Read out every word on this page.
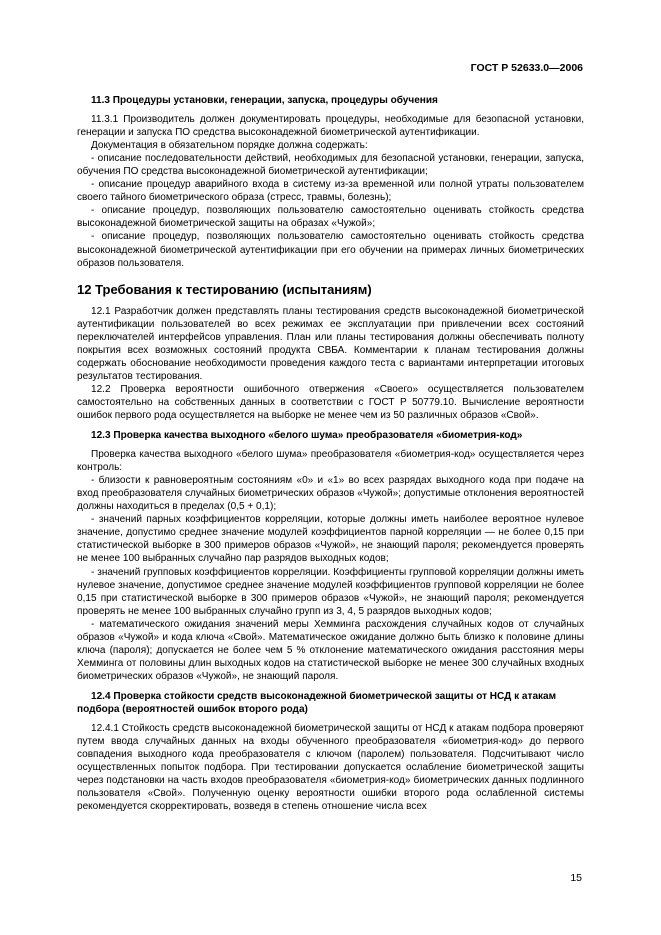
ГОСТ Р 52633.0—2006
11.3 Процедуры установки, генерации, запуска, процедуры обучения
11.3.1 Производитель должен документировать процедуры, необходимые для безопасной установки, генерации и запуска ПО средства высоконадежной биометрической аутентификации.
Документация в обязательном порядке должна содержать:
- описание последовательности действий, необходимых для безопасной установки, генерации, запуска, обучения ПО средства высоконадежной биометрической аутентификации;
- описание процедур аварийного входа в систему из-за временной или полной утраты пользователем своего тайного биометрического образа (стресс, травмы, болезнь);
- описание процедур, позволяющих пользователю самостоятельно оценивать стойкость средства высоконадежной биометрической защиты на образах «Чужой»;
- описание процедур, позволяющих пользователю самостоятельно оценивать стойкость средства высоконадежной биометрической аутентификации при его обучении на примерах личных биометрических образов пользователя.
12 Требования к тестированию (испытаниям)
12.1 Разработчик должен представлять планы тестирования средств высоконадежной биометрической аутентификации пользователей во всех режимах ее эксплуатации при привлечении всех состояний переключателей интерфейсов управления. План или планы тестирования должны обеспечивать полноту покрытия всех возможных состояний продукта СВБА. Комментарии к планам тестирования должны содержать обоснование необходимости проведения каждого теста с вариантами интерпретации итоговых результатов тестирования.
12.2 Проверка вероятности ошибочного отвержения «Своего» осуществляется пользователем самостоятельно на собственных данных в соответствии с ГОСТ Р 50779.10. Вычисление вероятности ошибок первого рода осуществляется на выборке не менее чем из 50 различных образов «Свой».
12.3 Проверка качества выходного «белого шума» преобразователя «биометрия-код»
Проверка качества выходного «белого шума» преобразователя «биометрия-код» осуществляется через контроль:
- близости к равновероятным состояниям «0» и «1» во всех разрядах выходного кода при подаче на вход преобразователя случайных биометрических образов «Чужой»; допустимые отклонения вероятностей должны находиться в пределах (0,5 + 0,1);
- значений парных коэффициентов корреляции, которые должны иметь наиболее вероятное нулевое значение, допустимо среднее значение модулей коэффициентов парной корреляции — не более 0,15 при статистической выборке в 300 примеров образов «Чужой», не знающий пароля; рекомендуется проверять не менее 100 выбранных случайно пар разрядов выходных кодов;
- значений групповых коэффициентов корреляции. Коэффициенты групповой корреляции должны иметь нулевое значение, допустимое среднее значение модулей коэффициентов групповой корреляции не более 0,15 при статистической выборке в 300 примеров образов «Чужой», не знающий пароля; рекомендуется проверять не менее 100 выбранных случайно групп из 3, 4, 5 разрядов выходных кодов;
- математического ожидания значений меры Хемминга расхождения случайных кодов от случайных образов «Чужой» и кода ключа «Свой». Математическое ожидание должно быть близко к половине длины ключа (пароля); допускается не более чем 5 % отклонение математического ожидания расстояния меры Хемминга от половины длин выходных кодов на статистической выборке не менее 300 случайных входных биометрических образов «Чужой», не знающий пароля.
12.4 Проверка стойкости средств высоконадежной биометрической защиты от НСД к атакам подбора (вероятностей ошибок второго рода)
12.4.1 Стойкость средств высоконадежной биометрической защиты от НСД к атакам подбора проверяют путем ввода случайных данных на входы обученного преобразователя «биометрия-код» до первого совпадения выходного кода преобразователя с ключом (паролем) пользователя. Подсчитывают число осуществленных попыток подбора. При тестировании допускается ослабление биометрической защиты через подстановки на часть входов преобразователя «биометрия-код» биометрических данных подлинного пользователя «Свой». Полученную оценку вероятности ошибки второго рода ослабленной системы рекомендуется скорректировать, возведя в степень отношение числа всех
15
